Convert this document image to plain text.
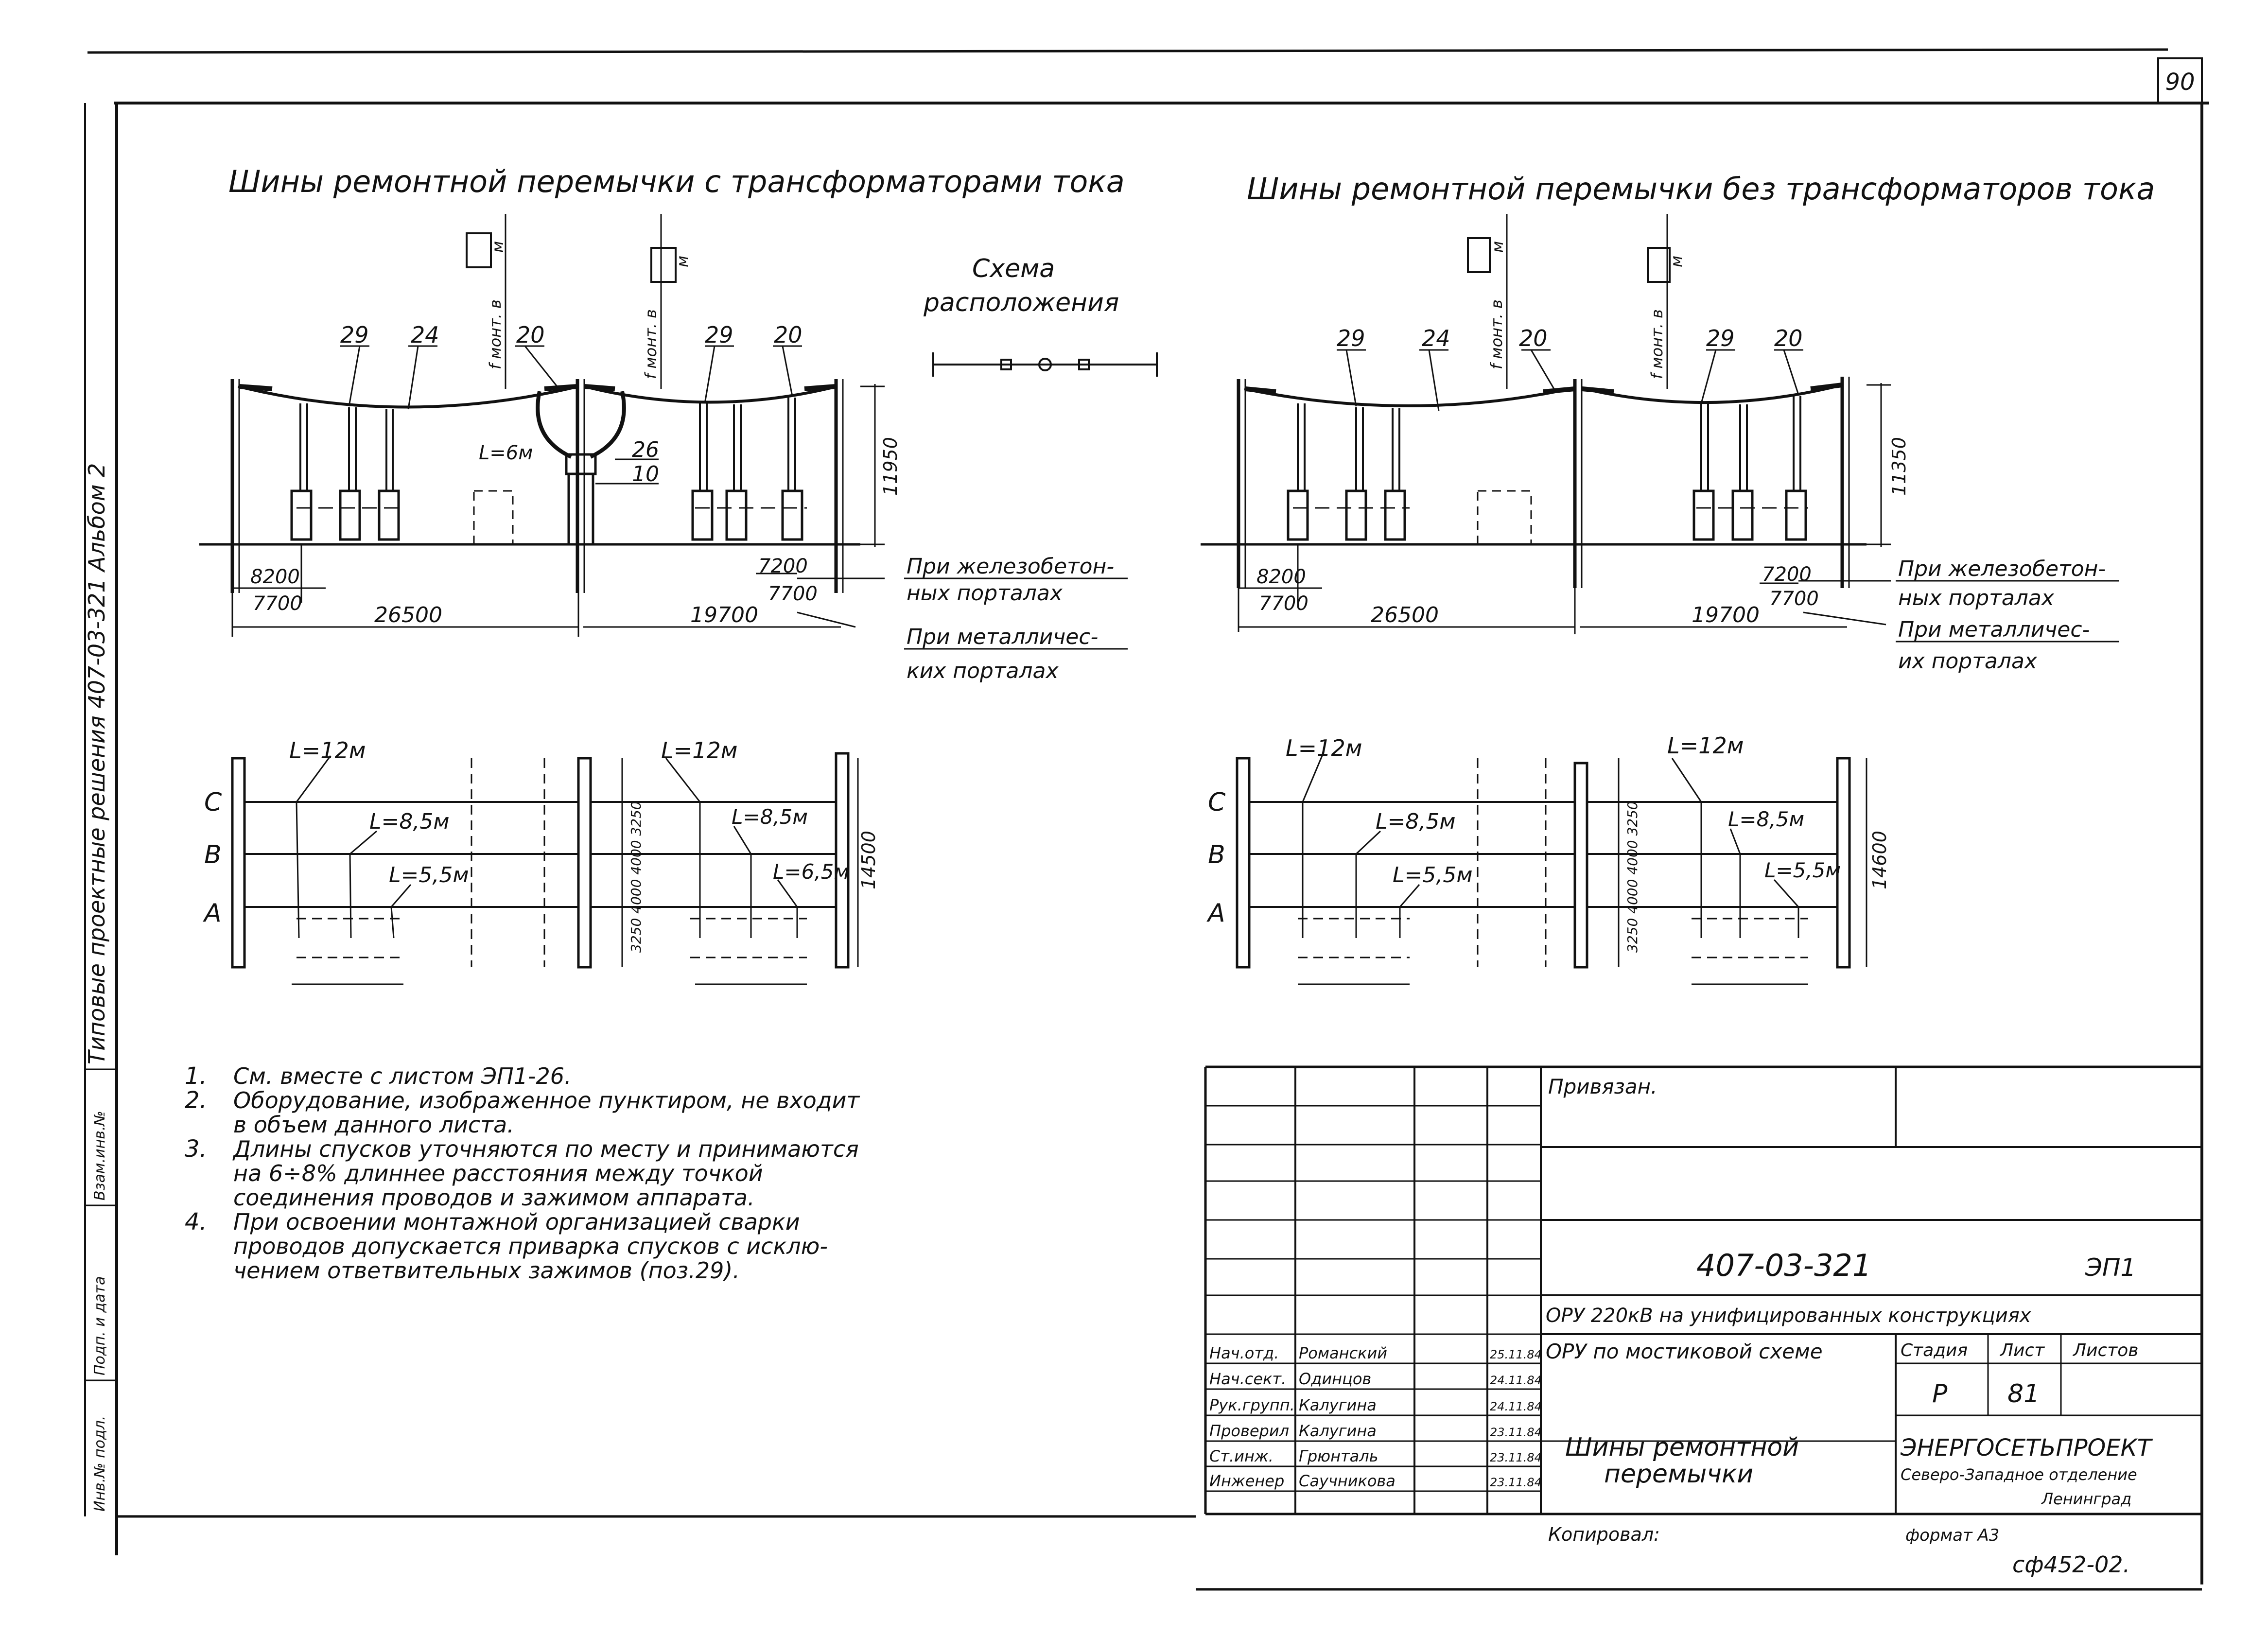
90
Типовые проектные решения 407-03-321 Альбом 2
Взам.инв.№
Подп. и дата
Инв.№ подл.
Шины ремонтной перемычки с трансформаторами тока
29 24	20	29 20
26
10
L=6м
f монт. в	f монт. в
м
м
11950
8200
7700	26500	19700
7200
7700
При железобетон-
ных порталах
При металличес-
ких порталах
Схема
расположения
Шины ремонтной перемычки без трансформаторов тока
29	24	20	29 20
f монт. в	f монт. в
м
м
11350
8200
7700	26500	19700
7200
7700
При железобетон-
ных порталах
При металличес-
их порталах
C
B
A
L=12м
L=8,5м
L=5,5м
L=12м
L=8,5м
L=6,5м 14500
3250 4000 4000 3250	C
B
A
L=12м
L=8,5м
L=5,5м
L=12м
L=8,5м
L=5,5м 14600
3250 4000 4000 3250
1. См. вместе с листом ЭП1-26.
2. Оборудование, изображенное пунктиром, не входит
в объем данного листа.
3. Длины спусков уточняются по месту и принимаются
на 6÷8% длиннее расстояния между точкой
соединения проводов и зажимом аппарата.
4. При освоении монтажной организацией сварки
проводов допускается приварка спусков с исклю-
чением ответвительных зажимов (поз.29).
Привязан.
407-03-321	ЭП1
ОРУ 220кВ на унифицированных конструкциях
ОРУ по мостиковой схеме
Шины ремонтной
перемычки
Стадия Лист Листов
Р 81
ЭНЕРГОСЕТЬПРОЕКТ
Северо-Западное отделение
Ленинград
Копировал:	формат А3
сф452-02.
Нач.отд. Романский	25.11.84
Нач.сект. Одинцов	24.11.84
Рук.групп. Калугина	24.11.84
Проверил Калугина	23.11.84
Ст.инж. Грюнталь	23.11.84
Инженер Саучникова	23.11.84
